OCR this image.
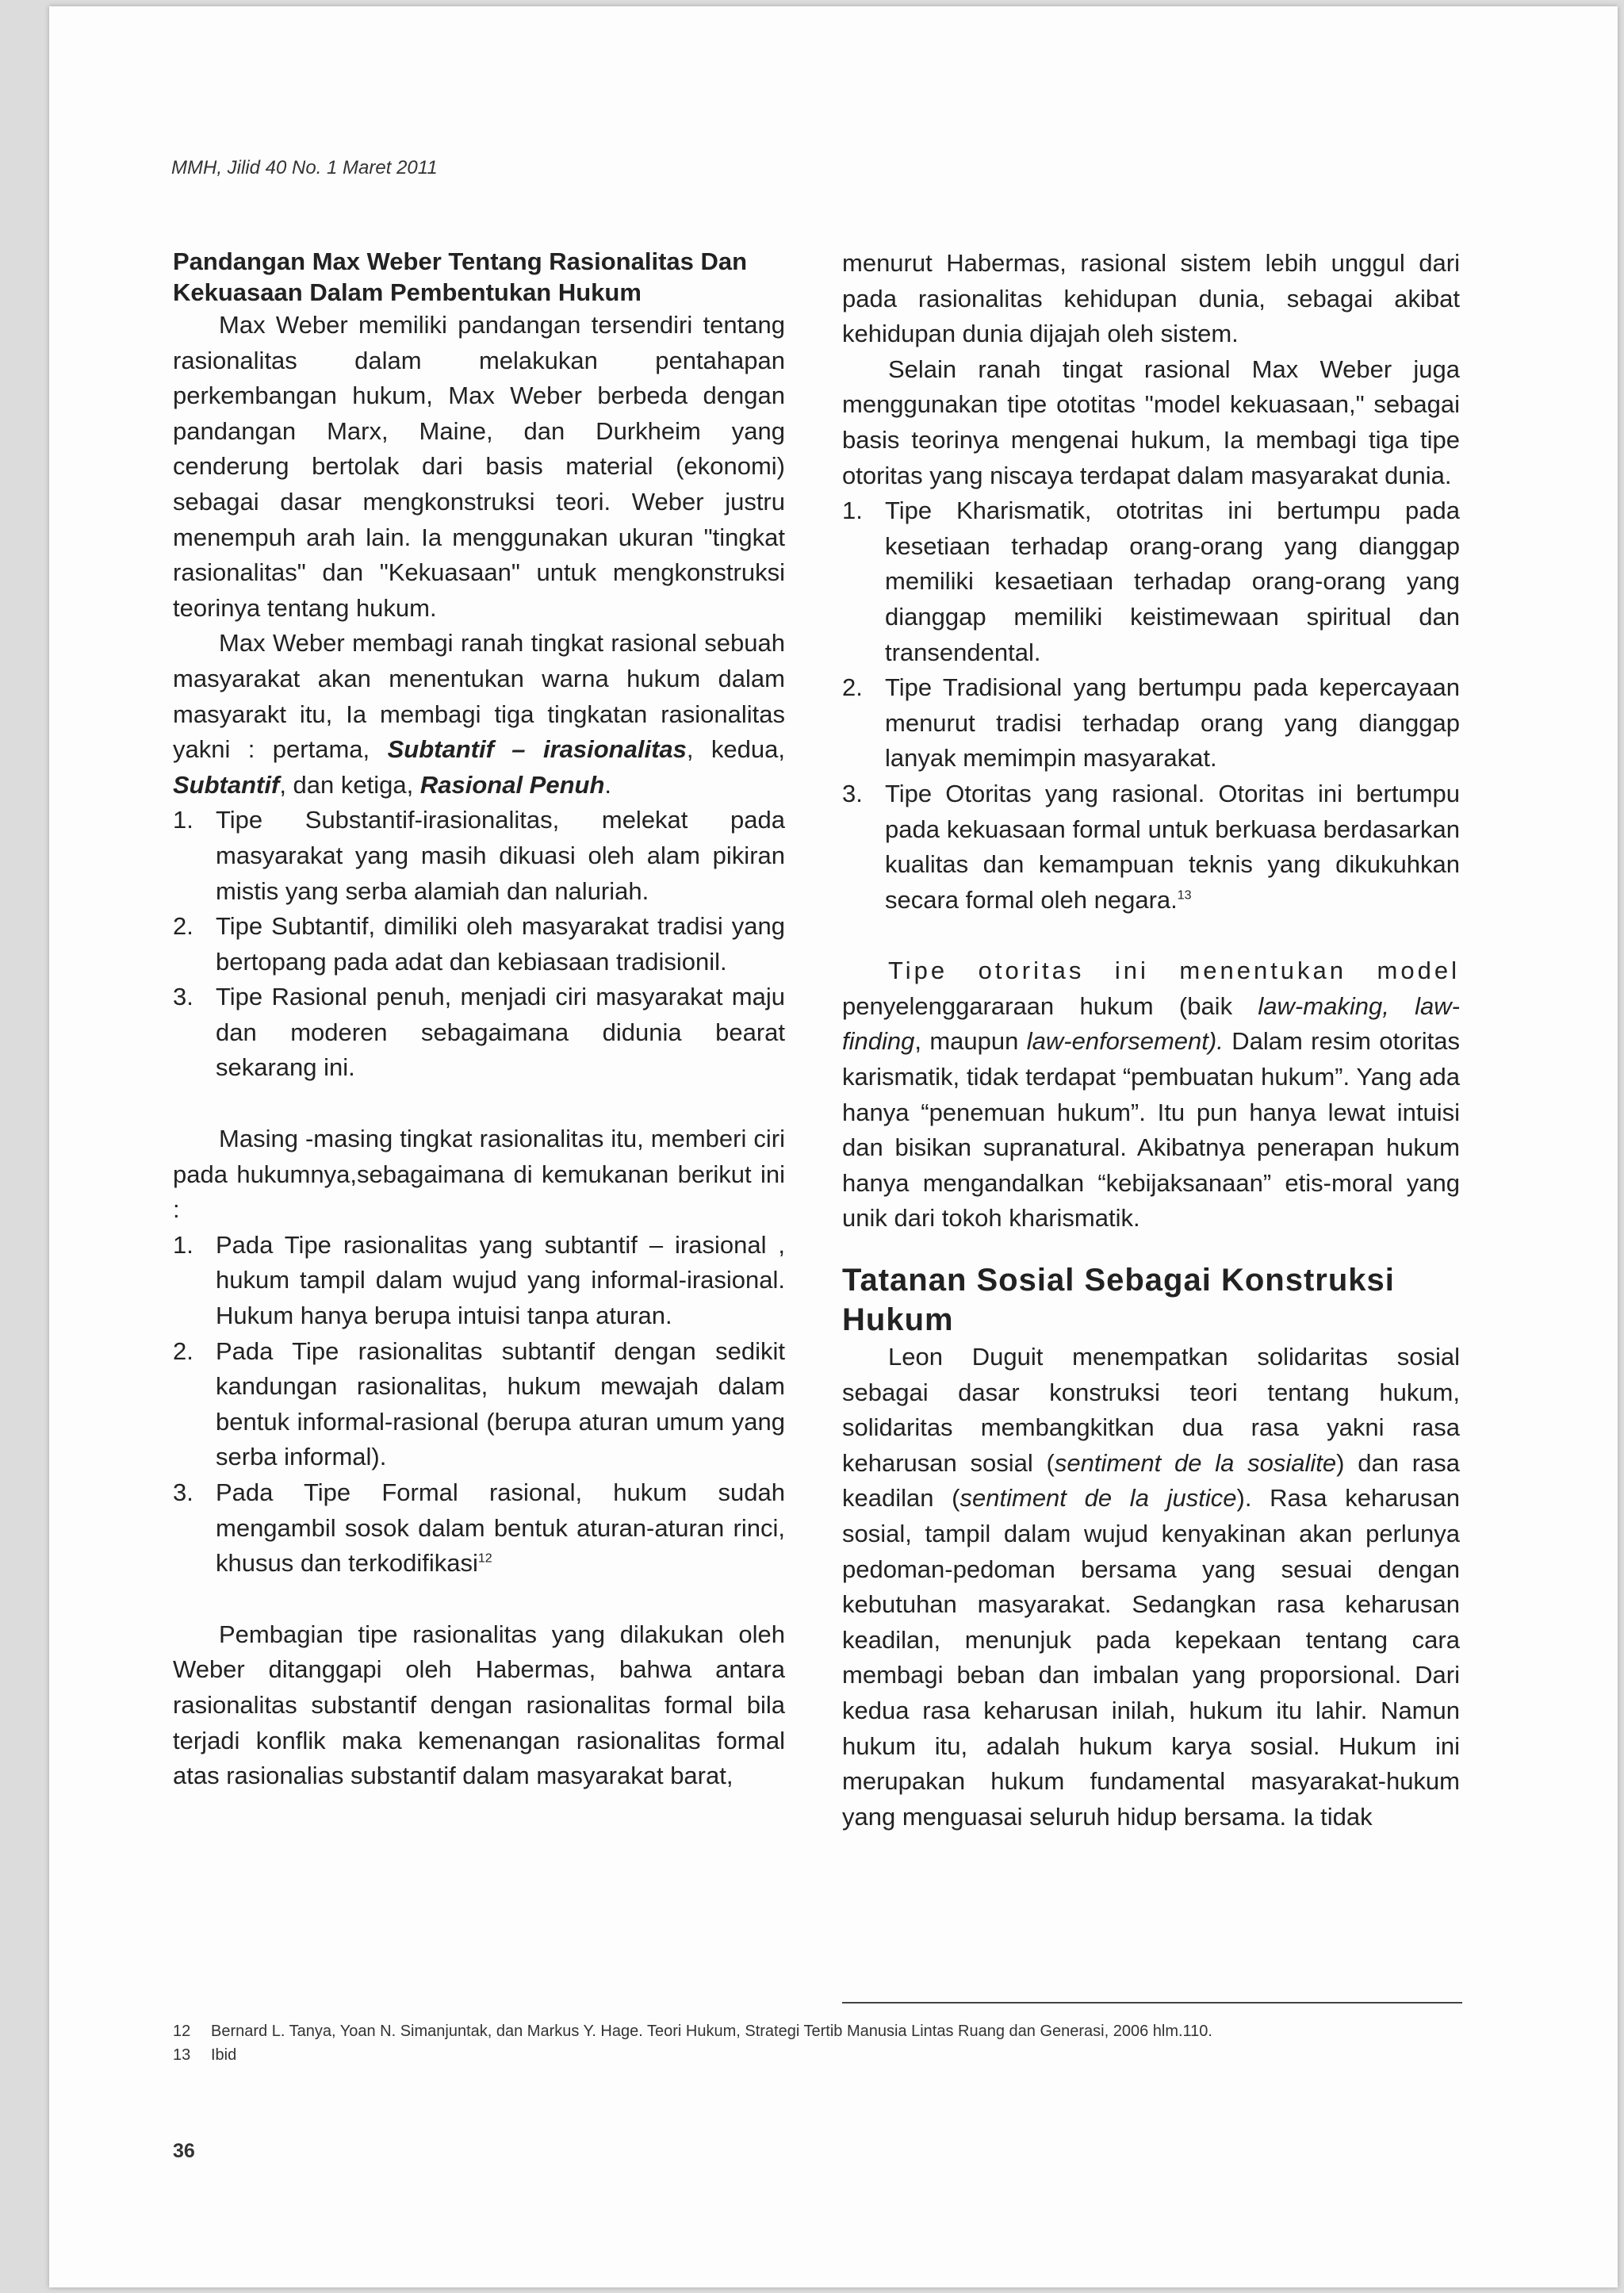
MMH, Jilid 40 No. 1 Maret 2011
Pandangan Max Weber Tentang Rasionalitas Dan Kekuasaan Dalam Pembentukan Hukum

Max Weber memiliki pandangan tersendiri tentang rasionalitas dalam melakukan pentahapan perkembangan hukum, Max Weber berbeda dengan pandangan Marx, Maine, dan Durkheim yang cenderung bertolak dari basis material (ekonomi) sebagai dasar mengkonstruksi teori. Weber justru menempuh arah lain. Ia menggunakan ukuran "tingkat rasionalitas" dan "Kekuasaan" untuk mengkonstruksi teorinya tentang hukum.

Max Weber membagi ranah tingkat rasional sebuah masyarakat akan menentukan warna hukum dalam masyarakt itu, Ia membagi tiga tingkatan rasionalitas yakni : pertama, Subtantif – irasionalitas, kedua, Subtantif, dan ketiga, Rasional Penuh.

1. Tipe Substantif-irasionalitas, melekat pada masyarakat yang masih dikuasi oleh alam pikiran mistis yang serba alamiah dan naluriah.
2. Tipe Subtantif, dimiliki oleh masyarakat tradisi yang bertopang pada adat dan kebiasaan tradisionil.
3. Tipe Rasional penuh, menjadi ciri masyarakat maju dan moderen sebagaimana didunia bearat sekarang ini.

Masing -masing tingkat rasionalitas itu, memberi ciri pada hukumnya,sebagaimana di kemukanan berikut ini :

1. Pada Tipe rasionalitas yang subtantif – irasional , hukum tampil dalam wujud yang informal-irasional. Hukum hanya berupa intuisi tanpa aturan.
2. Pada Tipe rasionalitas subtantif dengan sedikit kandungan rasionalitas, hukum mewajah dalam bentuk informal-rasional (berupa aturan umum yang serba informal).
3. Pada Tipe Formal rasional, hukum sudah mengambil sosok dalam bentuk aturan-aturan rinci, khusus dan terkodifikasi$^{12}$

Pembagian tipe rasionalitas yang dilakukan oleh Weber ditanggapi oleh Habermas, bahwa antara rasionalitas substantif dengan rasionalitas formal bila terjadi konflik maka kemenangan rasionalitas formal atas rasionalias substantif dalam masyarakat barat,

menurut Habermas, rasional sistem lebih unggul dari pada rasionalitas kehidupan dunia, sebagai akibat kehidupan dunia dijajah oleh sistem.

Selain ranah tingat rasional Max Weber juga menggunakan tipe ototitas "model kekuasaan," sebagai basis teorinya mengenai hukum, Ia membagi tiga tipe otoritas yang niscaya terdapat dalam masyarakat dunia.

1. Tipe Kharismatik, ototritas ini bertumpu pada kesetiaan terhadap orang-orang yang dianggap memiliki kesaetiaan terhadap orang-orang yang dianggap memiliki keistimewaan spiritual dan transendental.
2. Tipe Tradisional yang bertumpu pada kepercayaan menurut tradisi terhadap orang yang dianggap lanyak memimpin masyarakat.
3. Tipe Otoritas yang rasional. Otoritas ini bertumpu pada kekuasaan formal untuk berkuasa berdasarkan kualitas dan kemampuan teknis yang dikukuhkan secara formal oleh negara.$^{13}$

Tipe otoritas ini menentukan model penyelenggararaan hukum (baik law-making, law-finding, maupun law-enforsement). Dalam resim otoritas karismatik, tidak terdapat “pembuatan hukum”. Yang ada hanya “penemuan hukum”. Itu pun hanya lewat intuisi dan bisikan supranatural. Akibatnya penerapan hukum hanya mengandalkan “kebijaksanaan” etis-moral yang unik dari tokoh kharismatik.

Tatanan Sosial Sebagai Konstruksi Hukum

Leon Duguit menempatkan solidaritas sosial sebagai dasar konstruksi teori tentang hukum, solidaritas membangkitkan dua rasa yakni rasa keharusan sosial (sentiment de la sosialite) dan rasa keadilan (sentiment de la justice). Rasa keharusan sosial, tampil dalam wujud kenyakinan akan perlunya pedoman-pedoman bersama yang sesuai dengan kebutuhan masyarakat. Sedangkan rasa keharusan keadilan, menunjuk pada kepekaan tentang cara membagi beban dan imbalan yang proporsional. Dari kedua rasa keharusan inilah, hukum itu lahir. Namun hukum itu, adalah hukum karya sosial. Hukum ini merupakan hukum fundamental masyarakat-hukum yang menguasai seluruh hidup bersama. Ia tidak

12	Bernard L. Tanya, Yoan N. Simanjuntak, dan Markus Y. Hage. Teori Hukum, Strategi Tertib Manusia Lintas Ruang dan Generasi, 2006 hlm.110.
13	Ibid
36
